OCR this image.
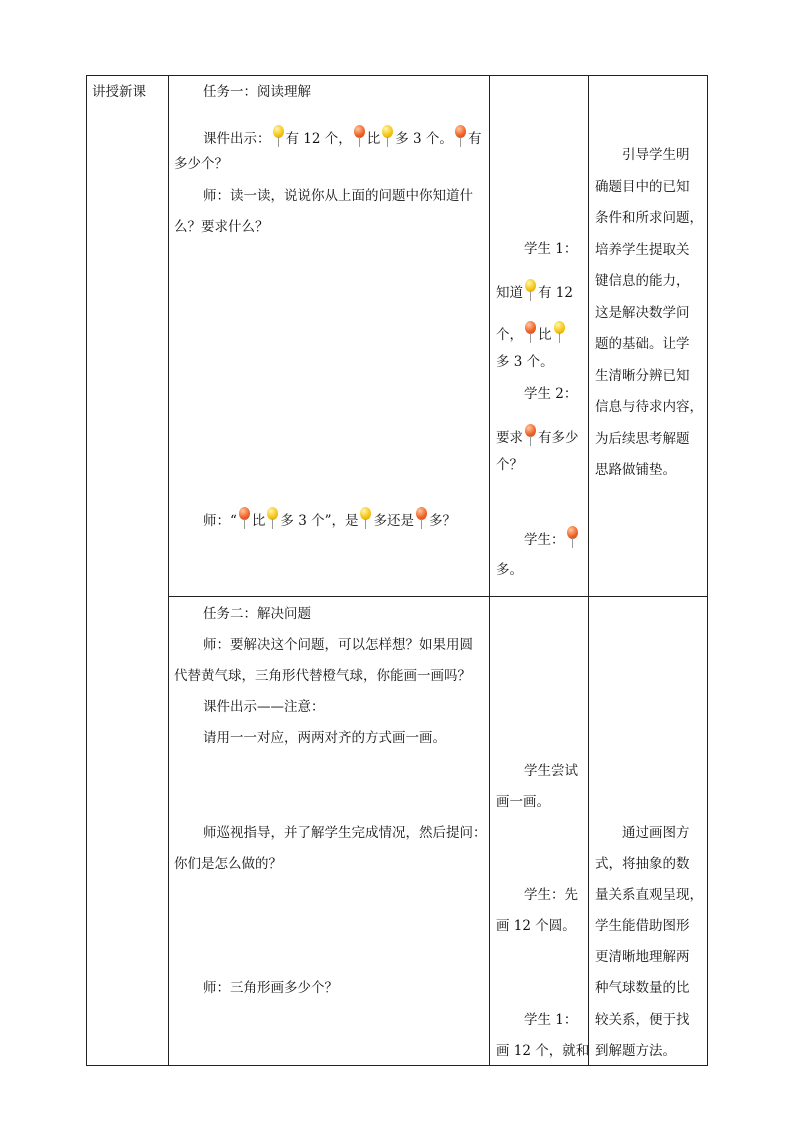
讲授新课	任务一：阅读理解
课件出示： 有 12 个， 比 多 3 个。 有
多少个？
师：读一读，说说你从上面的问题中你知道什
么？要求什么？
师：“ 比 多 3 个”，是 多还是 多？
学生 1：
知道 有 12
个， 比
多 3 个。
学生 2：
要求 有多少
个？
学生：
多。
引导学生明
确题目中的已知
条件和所求问题，
培养学生提取关
键信息的能力，
这是解决数学问
题的基础。让学
生清晰分辨已知
信息与待求内容，
为后续思考解题
思路做铺垫。
任务二：解决问题
师：要解决这个问题，可以怎样想？如果用圆
代替黄气球，三角形代替橙气球，你能画一画吗？
课件出示——注意：
请用一一对应，两两对齐的方式画一画。
师巡视指导，并了解学生完成情况，然后提问：
你们是怎么做的？
师：三角形画多少个？
学生尝试
画一画。
学生：先
画 12 个圆。
学生 1：
画 12 个，就和
通过画图方
式，将抽象的数
量关系直观呈现，
学生能借助图形
更清晰地理解两
种气球数量的比
较关系，便于找
到解题方法。
